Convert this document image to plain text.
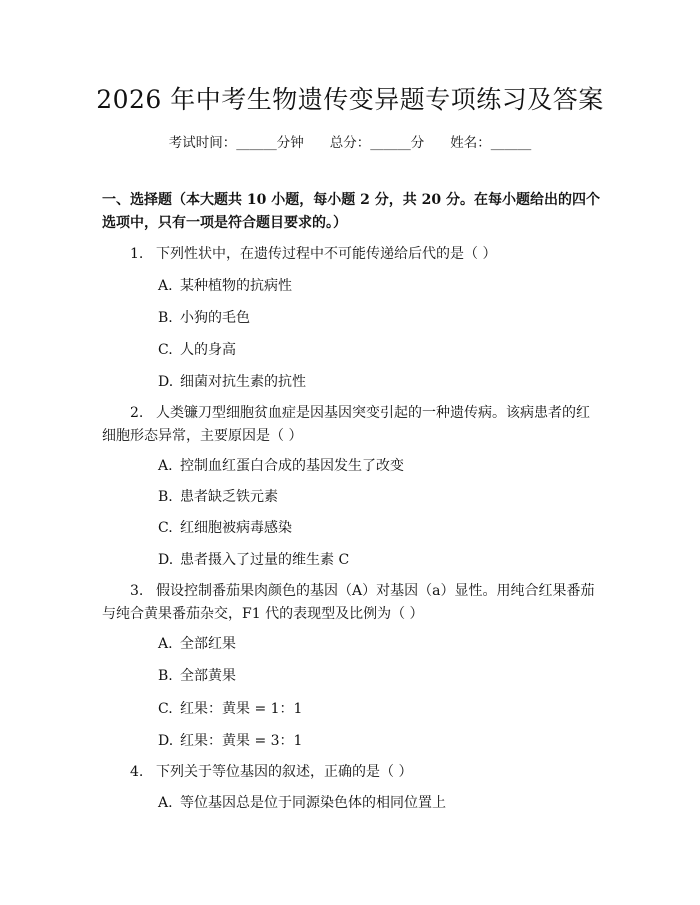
2026 年中考生物遗传变异题专项练习及答案
考试时间：______分钟 总分：______分 姓名：______
一、选择题（本大题共 10 小题，每小题 2 分，共 20 分。在每小题给出的四个选项中，只有一项是符合题目要求的。）
1. 下列性状中，在遗传过程中不可能传递给后代的是（ ）
A. 某种植物的抗病性
B. 小狗的毛色
C. 人的身高
D. 细菌对抗生素的抗性
2. 人类镰刀型细胞贫血症是因基因突变引起的一种遗传病。该病患者的红细胞形态异常，主要原因是（ ）
A. 控制血红蛋白合成的基因发生了改变
B. 患者缺乏铁元素
C. 红细胞被病毒感染
D. 患者摄入了过量的维生素 C
3. 假设控制番茄果肉颜色的基因（A）对基因（a）显性。用纯合红果番茄与纯合黄果番茄杂交，F1 代的表现型及比例为（ ）
A. 全部红果
B. 全部黄果
C. 红果：黄果 = 1：1
D. 红果：黄果 = 3：1
4. 下列关于等位基因的叙述，正确的是（ ）
A. 等位基因总是位于同源染色体的相同位置上
